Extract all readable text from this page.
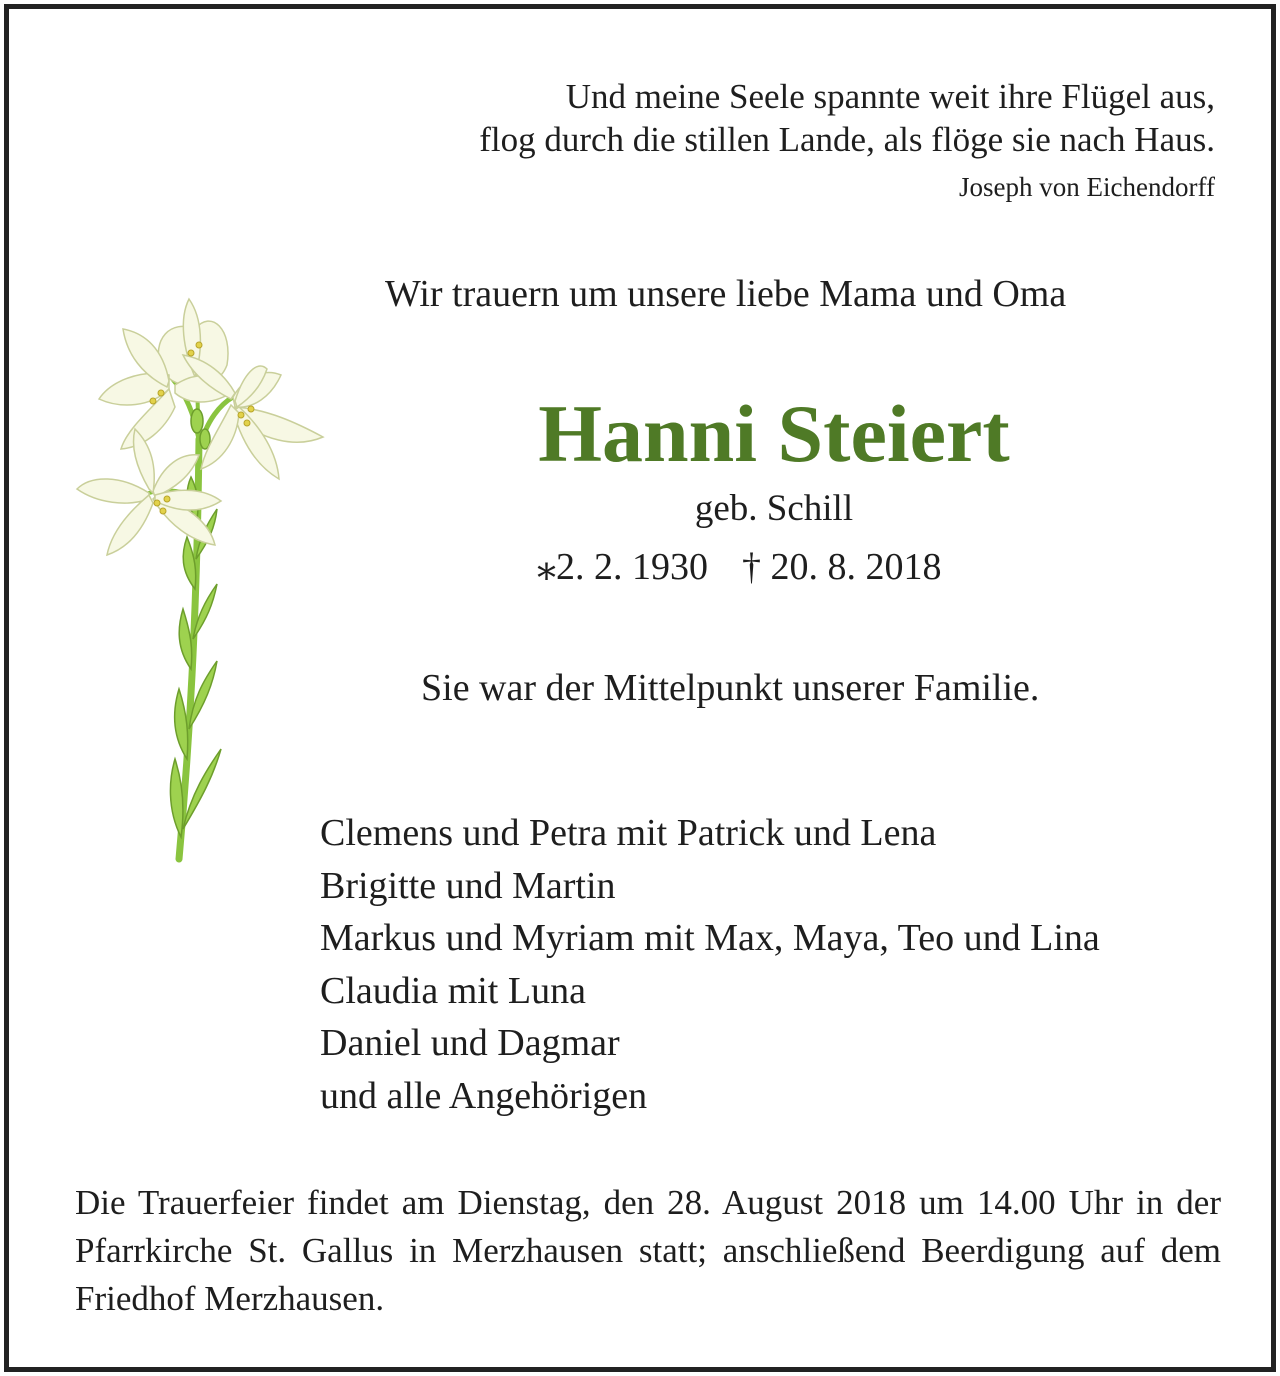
Und meine Seele spannte weit ihre Flügel aus,
flog durch die stillen Lande, als flöge sie nach Haus.
Joseph von Eichendorff
Wir trauern um unsere liebe Mama und Oma
Hanni Steiert
geb. Schill
⁎2. 2. 1930 † 20. 8. 2018
Sie war der Mittelpunkt unserer Familie.
Clemens und Petra mit Patrick und Lena
Brigitte und Martin
Markus und Myriam mit Max, Maya, Teo und Lina
Claudia mit Luna
Daniel und Dagmar
und alle Angehörigen

Die Trauerfeier findet am Dienstag, den 28. August 2018 um 14.00 Uhr in der Pfarrkirche St. Gallus in Merzhausen statt; anschließend Beerdigung auf dem Friedhof Merzhausen.
